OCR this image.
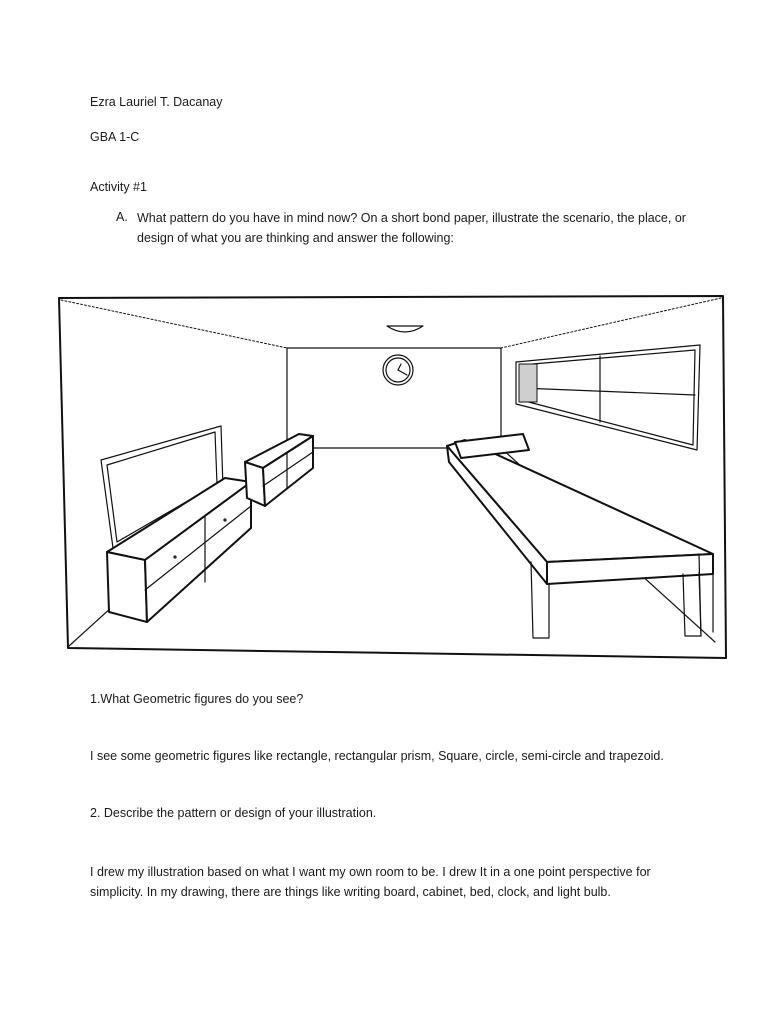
Ezra Lauriel T. Dacanay
GBA 1-C
Activity #1
A. What pattern do you have in mind now? On a short bond paper, illustrate the scenario, the place, or design of what you are thinking and answer the following:
1.What Geometric figures do you see?
I see some geometric figures like rectangle, rectangular prism, Square, circle, semi-circle and trapezoid.
2. Describe the pattern or design of your illustration.
I drew my illustration based on what I want my own room to be. I drew It in a one point perspective for simplicity. In my drawing, there are things like writing board, cabinet, bed, clock, and light bulb.
